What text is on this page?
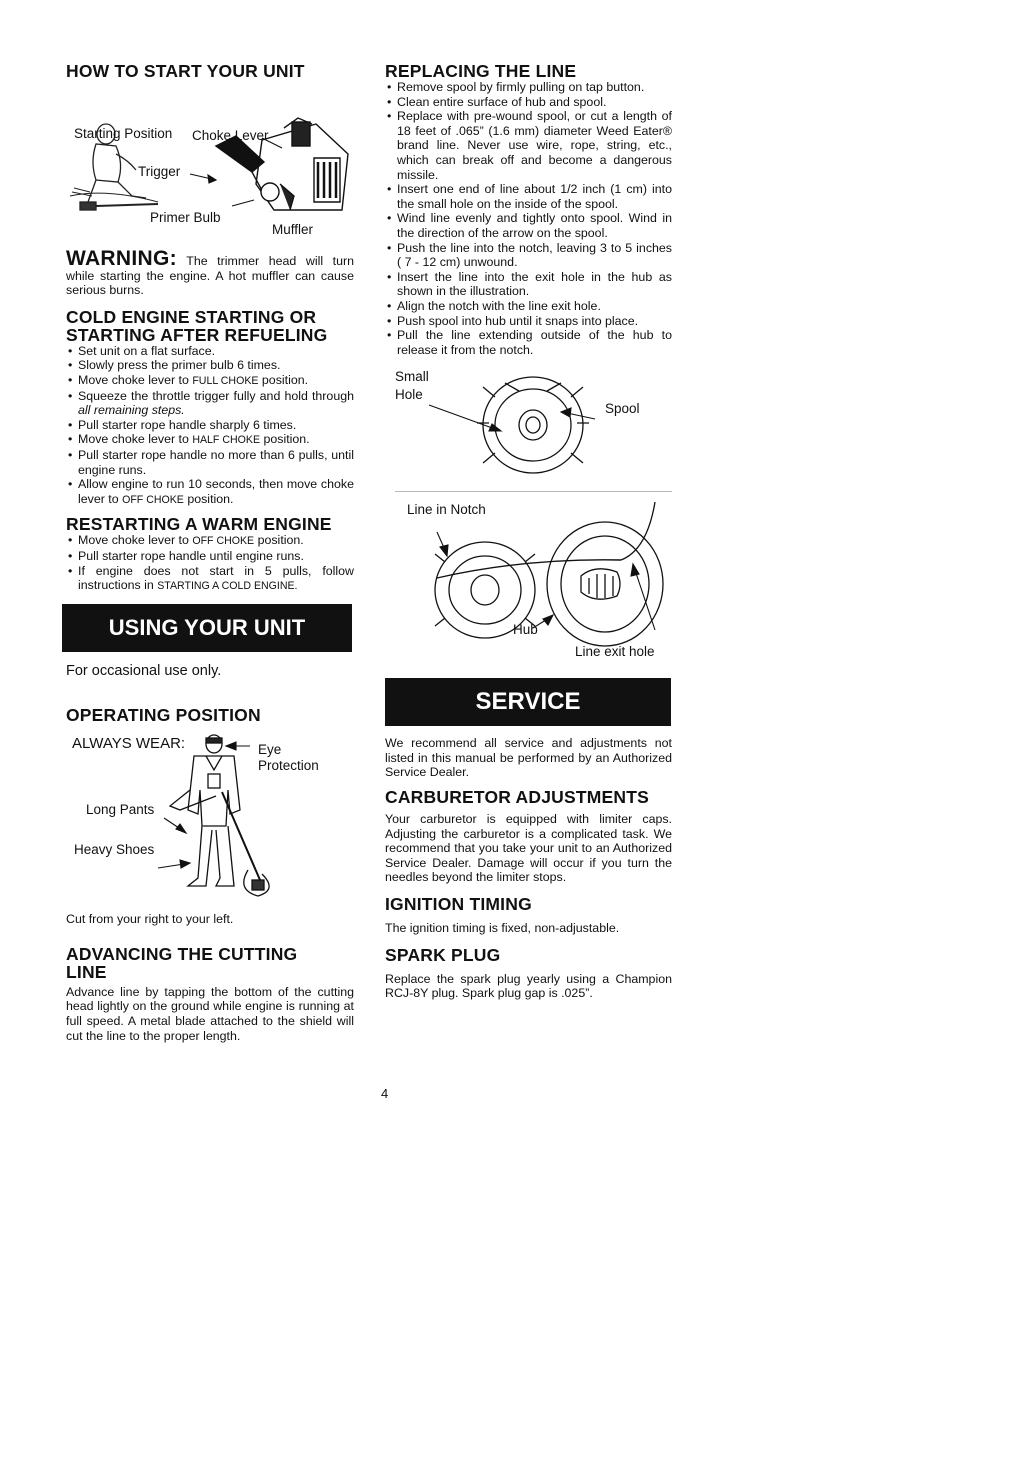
HOW TO START YOUR UNIT
Starting Position Choke Lever
Trigger
Primer Bulb
Muffler

WARNING: The trimmer head will turn while starting the engine. A hot muffler can cause serious burns.

COLD ENGINE STARTING OR STARTING AFTER REFUELING
• Set unit on a flat surface.
• Slowly press the primer bulb 6 times.
• Move choke lever to FULL CHOKE position.
• Squeeze the throttle trigger fully and hold through all remaining steps.
• Pull starter rope handle sharply 6 times.
• Move choke lever to HALF CHOKE position.
• Pull starter rope handle no more than 6 pulls, until engine runs.
• Allow engine to run 10 seconds, then move choke lever to OFF CHOKE position.
RESTARTING A WARM ENGINE
• Move choke lever to OFF CHOKE position.
• Pull starter rope handle until engine runs.
• If engine does not start in 5 pulls, follow instructions in STARTING A COLD ENGINE.
USING YOUR UNIT

For occasional use only.

OPERATING POSITION
ALWAYS WEAR:	Eye
Protection
Long Pants
Heavy Shoes

Cut from your right to your left.

ADVANCING THE CUTTING LINE

Advance line by tapping the bottom of the cutting head lightly on the ground while engine is running at full speed. A metal blade attached to the shield will cut the line to the proper length.

REPLACING THE LINE
• Remove spool by firmly pulling on tap button.
• Clean entire surface of hub and spool.
• Replace with pre-wound spool, or cut a length of 18 feet of .065” (1.6 mm) diameter Weed Eater® brand line. Never use wire, rope, string, etc., which can break off and become a dangerous missile.
• Insert one end of line about 1/2 inch (1 cm) into the small hole on the inside of the spool.
• Wind line evenly and tightly onto spool. Wind in the direction of the arrow on the spool.
• Push the line into the notch, leaving 3 to 5 inches ( 7 - 12 cm) unwound.
• Insert the line into the exit hole in the hub as shown in the illustration.
• Align the notch with the line exit hole.
• Push spool into hub until it snaps into place.
• Pull the line extending outside of the hub to release it from the notch.
Small
Hole
Spool
Line in Notch
Hub
Line exit hole
SERVICE

We recommend all service and adjustments not listed in this manual be performed by an Authorized Service Dealer.

CARBURETOR ADJUSTMENTS

Your carburetor is equipped with limiter caps. Adjusting the carburetor is a complicated task. We recommend that you take your unit to an Authorized Service Dealer. Damage will occur if you turn the needles beyond the limiter stops.

IGNITION TIMING

The ignition timing is fixed, non-adjustable.

SPARK PLUG

Replace the spark plug yearly using a Champion RCJ-8Y plug. Spark plug gap is .025”.

4
